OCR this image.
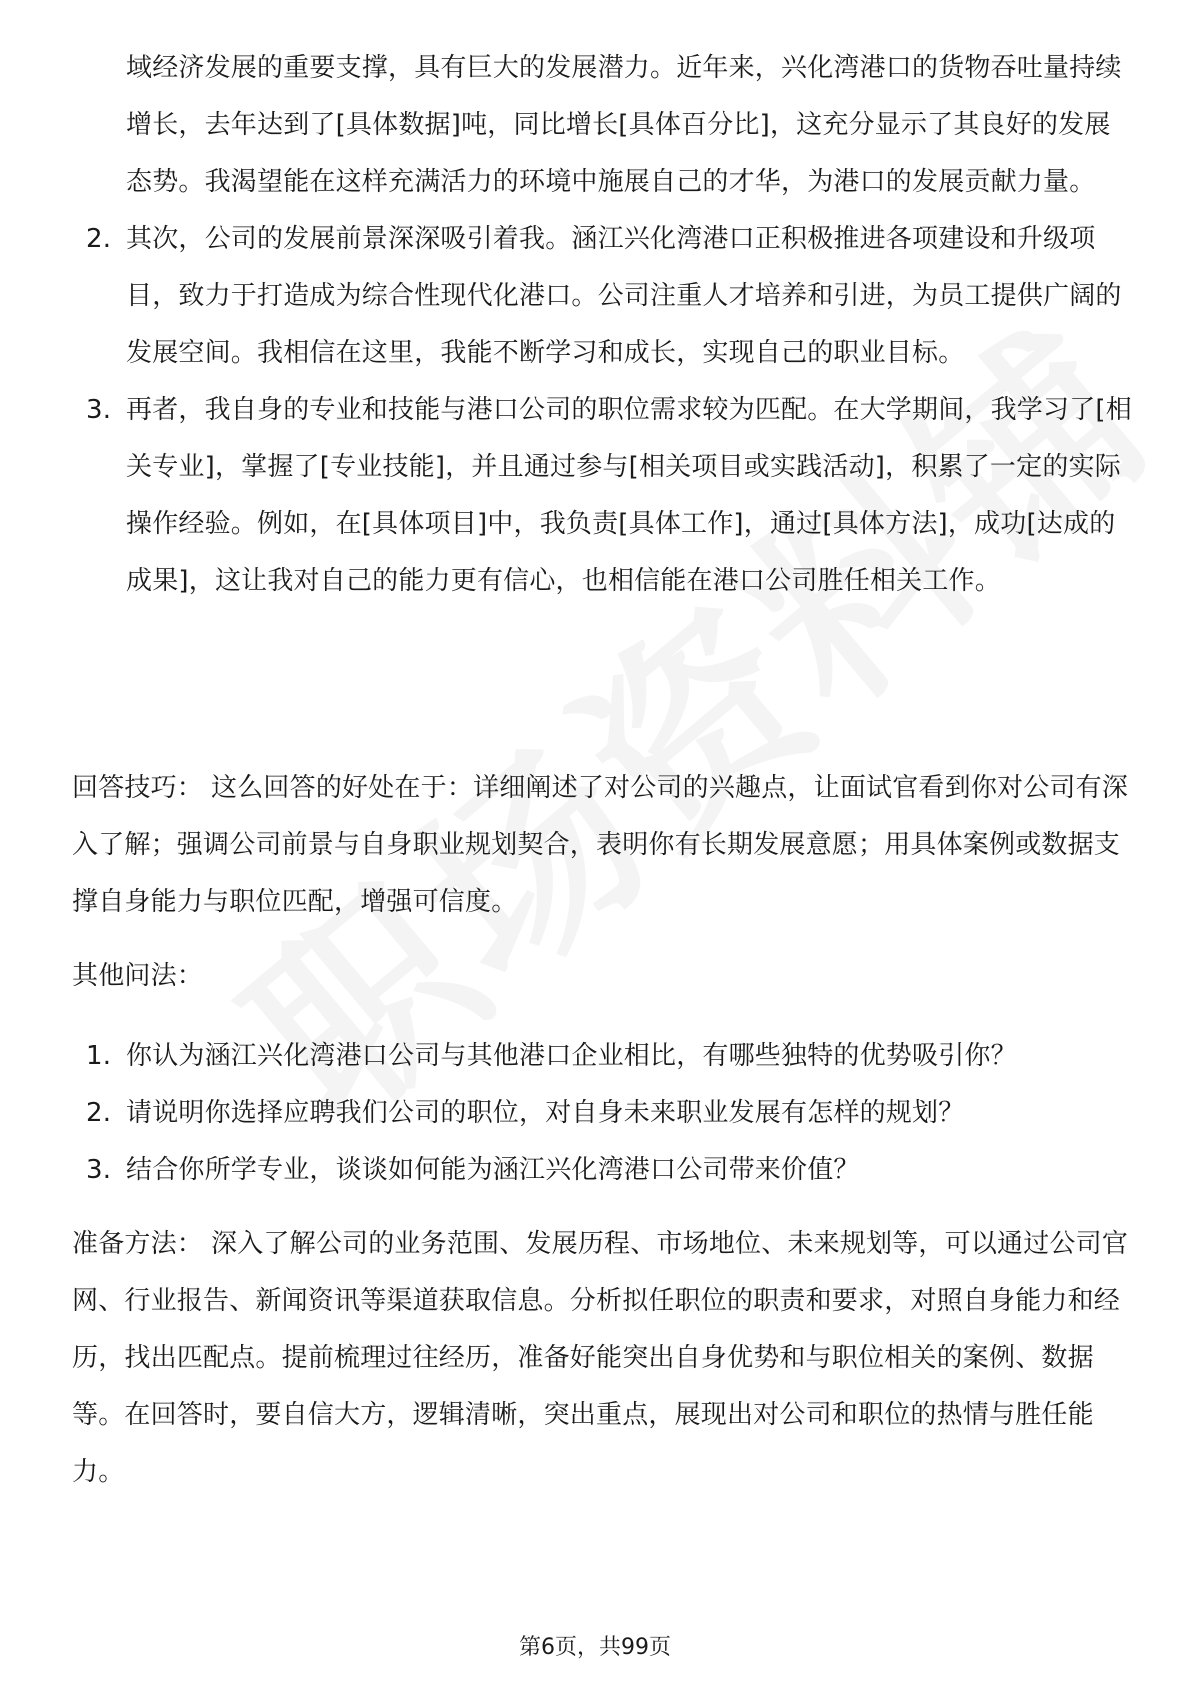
域经济发展的重要支撑，具有巨大的发展潜力。近年来，兴化湾港口的货物吞吐量持续增长，去年达到了[具体数据]吨，同比增长[具体百分比]，这充分显示了其良好的发展态势。我渴望能在这样充满活力的环境中施展自己的才华，为港口的发展贡献力量。
2. 其次，公司的发展前景深深吸引着我。涵江兴化湾港口正积极推进各项建设和升级项目，致力于打造成为综合性现代化港口。公司注重人才培养和引进，为员工提供广阔的发展空间。我相信在这里，我能不断学习和成长，实现自己的职业目标。
3. 再者，我自身的专业和技能与港口公司的职位需求较为匹配。在大学期间，我学习了[相关专业]，掌握了[专业技能]，并且通过参与[相关项目或实践活动]，积累了一定的实际操作经验。例如，在[具体项目]中，我负责[具体工作]，通过[具体方法]，成功[达成的成果]，这让我对自己的能力更有信心，也相信能在港口公司胜任相关工作。
回答技巧： 这么回答的好处在于：详细阐述了对公司的兴趣点，让面试官看到你对公司有深入了解；强调公司前景与自身职业规划契合，表明你有长期发展意愿；用具体案例或数据支撑自身能力与职位匹配，增强可信度。
其他问法：
1. 你认为涵江兴化湾港口公司与其他港口企业相比，有哪些独特的优势吸引你？
2. 请说明你选择应聘我们公司的职位，对自身未来职业发展有怎样的规划？
3. 结合你所学专业，谈谈如何能为涵江兴化湾港口公司带来价值？
准备方法： 深入了解公司的业务范围、发展历程、市场地位、未来规划等，可以通过公司官网、行业报告、新闻资讯等渠道获取信息。分析拟任职位的职责和要求，对照自身能力和经历，找出匹配点。提前梳理过往经历，准备好能突出自身优势和与职位相关的案例、数据等。在回答时，要自信大方，逻辑清晰，突出重点，展现出对公司和职位的热情与胜任能力。
第6页，共99页
